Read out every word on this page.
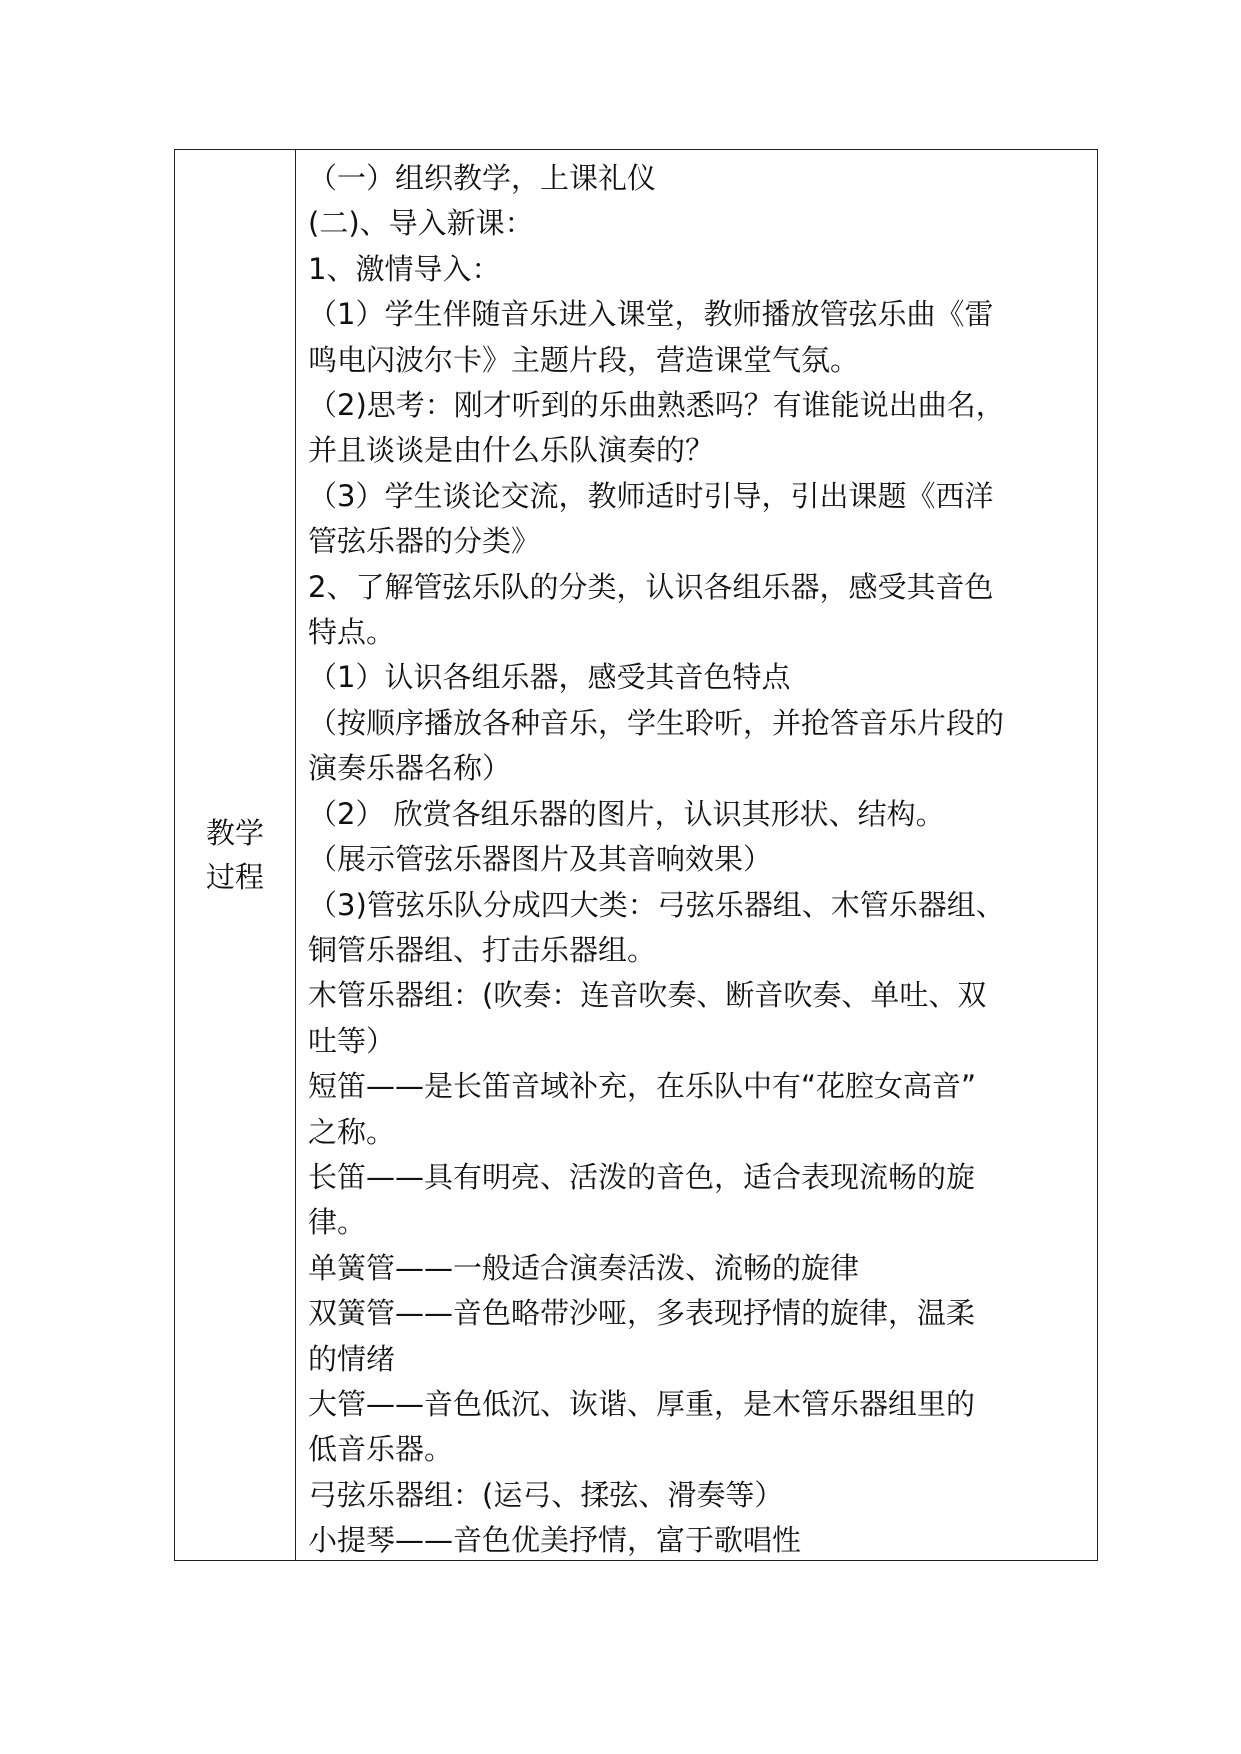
教学过程
（一）组织教学，上课礼仪
(二)、导入新课：
1、激情导入：
（1）学生伴随音乐进入课堂，教师播放管弦乐曲《雷
鸣电闪波尔卡》主题片段，营造课堂气氛。
（2)思考：刚才听到的乐曲熟悉吗？有谁能说出曲名，
并且谈谈是由什么乐队演奏的？
（3）学生谈论交流，教师适时引导，引出课题《西洋
管弦乐器的分类》
2、了解管弦乐队的分类，认识各组乐器，感受其音色
特点。
（1）认识各组乐器，感受其音色特点
（按顺序播放各种音乐，学生聆听，并抢答音乐片段的
演奏乐器名称）
（2） 欣赏各组乐器的图片，认识其形状、结构。
（展示管弦乐器图片及其音响效果）
（3)管弦乐队分成四大类：弓弦乐器组、木管乐器组、
铜管乐器组、打击乐器组。
木管乐器组：(吹奏：连音吹奏、断音吹奏、单吐、双
吐等）
短笛——是长笛音域补充，在乐队中有“花腔女高音”
之称。
长笛——具有明亮、活泼的音色，适合表现流畅的旋
律。
单簧管——一般适合演奏活泼、流畅的旋律
双簧管——音色略带沙哑，多表现抒情的旋律，温柔
的情绪
大管——音色低沉、诙谐、厚重，是木管乐器组里的
低音乐器。
弓弦乐器组：(运弓、揉弦、滑奏等）
小提琴——音色优美抒情，富于歌唱性
